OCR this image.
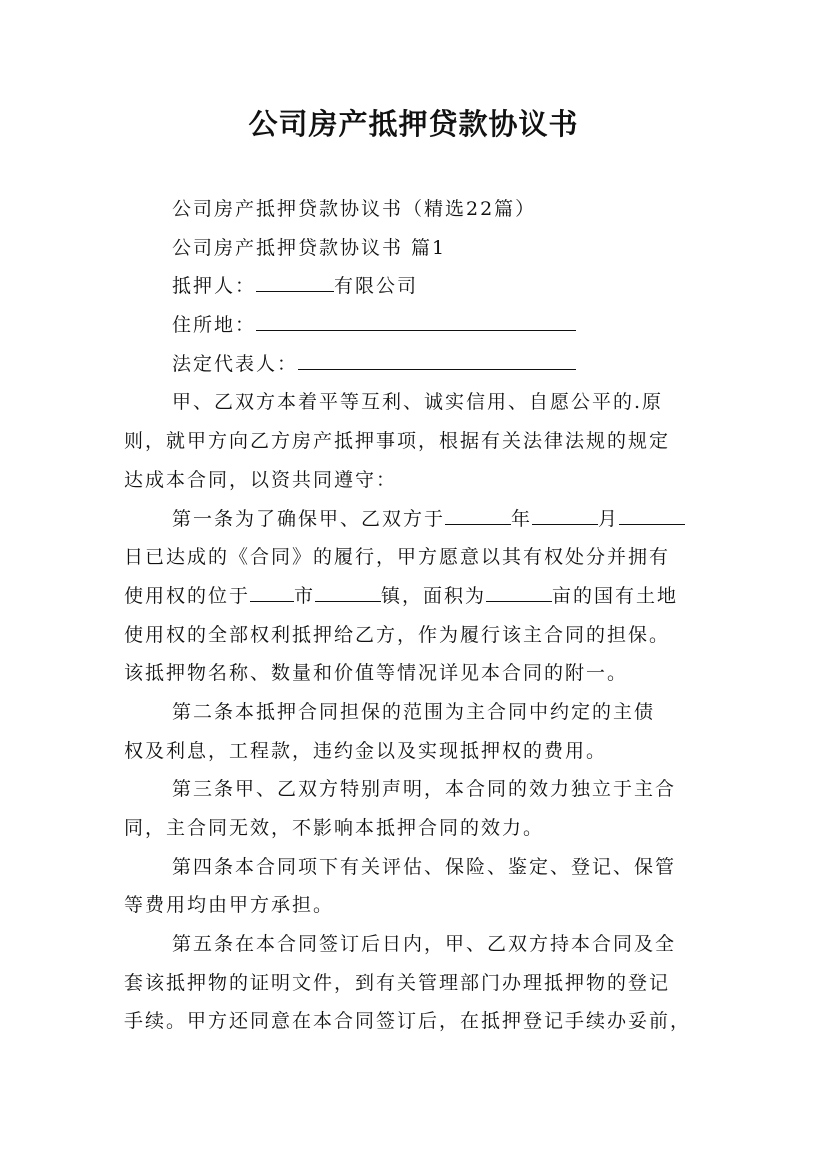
公司房产抵押贷款协议书
公司房产抵押贷款协议书（精选22篇）
公司房产抵押贷款协议书 篇1
抵押人：	有限公司
住所地：
法定代表人：
甲、乙双方本着平等互利、诚实信用、自愿公平的.原
则，就甲方向乙方房产抵押事项，根据有关法律法规的规定
达成本合同，以资共同遵守：
第一条为了确保甲、乙双方于	年	月
日已达成的《合同》的履行，甲方愿意以其有权处分并拥有
使用权的位于 市	镇，面积为	亩的国有土地
使用权的全部权利抵押给乙方，作为履行该主合同的担保。
该抵押物名称、数量和价值等情况详见本合同的附一。
第二条本抵押合同担保的范围为主合同中约定的主债
权及利息，工程款，违约金以及实现抵押权的费用。
第三条甲、乙双方特别声明，本合同的效力独立于主合
同，主合同无效，不影响本抵押合同的效力。
第四条本合同项下有关评估、保险、鉴定、登记、保管
等费用均由甲方承担。
第五条在本合同签订后日内，甲、乙双方持本合同及全
套该抵押物的证明文件，到有关管理部门办理抵押物的登记
手续。甲方还同意在本合同签订后，在抵押登记手续办妥前，
